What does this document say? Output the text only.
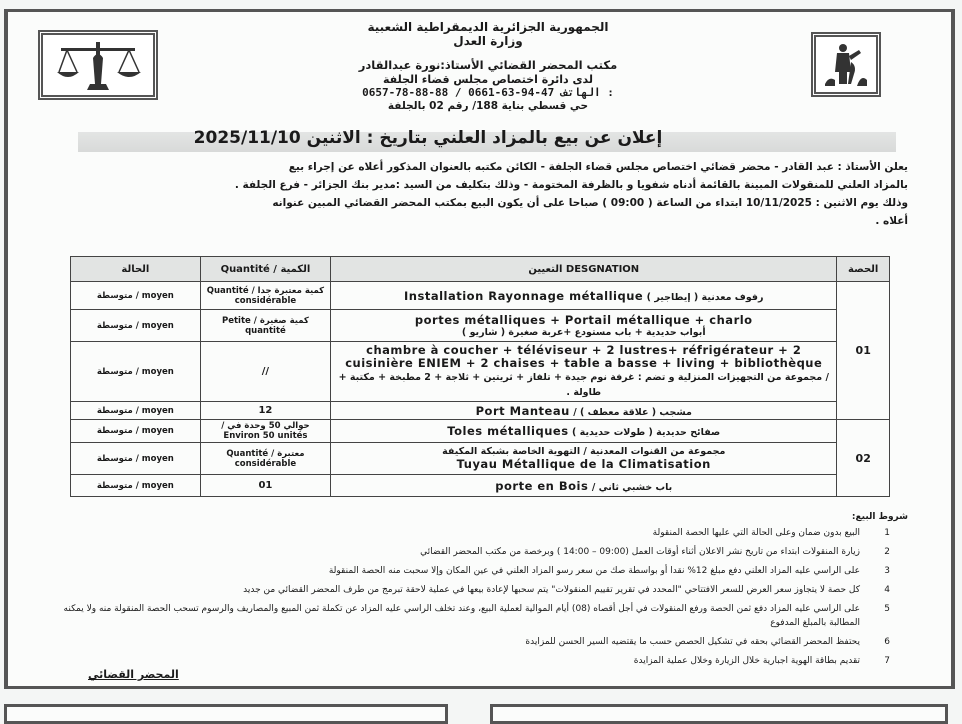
الجمهورية الجزائرية الديمقراطية الشعبية
وزارة العدل
مكتب المحضر القضائي الأستاذ:نورة عبدالقادر
لدى دائرة اختصاص مجلس قضاء الجلفة
0657-78-88-88 / 0661-63-94-47 الهاتف :
حي قسطي بناية 188/ رقم 02 بالجلفة
إعلان عن بيع بالمزاد العلني بتاريخ : الاثنين 2025/11/10
يعلن الأستاذ : عبد القادر - محضر قضائي اختصاص مجلس قضاء الجلفة - الكائن مكتبه بالعنوان المذكور أعلاه عن إجراء بيع
بالمزاد العلني للمنقولات المبينة بالقائمة أدناه شفويا و بالظرفة المختومة - وذلك بتكليف من السيد :مدير بنك الجزائر - فرع الجلفة .
وذلك يوم الاثنين : 10/11/2025 ابتداء من الساعة ( 09:00 ) صباحا على أن يكون البيع بمكتب المحضر القضائي المبين عنوانه
أعلاه .
الحصة	DESGNATION التعيين	الكمية / Quantité	الحالة
01	رفوف معدنية ( إيطاجير ) Installation Rayonnage métallique	كمية معتبرة جدا / Quantité considérable	moyen / متوسطة

	portes métalliques + Portail métallique + charlo
أبواب حديدية + باب مستودع +عربة صغيرة ( شاريو )	كمية صغيرة / Petite quantité	moyen / متوسطة

	chambre à coucher + téléviseur + 2 lustres+ réfrigérateur + 2 cuisinière ENIEM + 2 chaises + table a basse + living + bibliothèque
/ مجموعة من التجهيزات المنزلية و تضم : غرفة نوم جيدة + تلفاز + ثريتين + ثلاجة + 2 مطبخة + مكتبة + طاولة .	//	moyen / متوسطة
	مشجب ( علاقة معطف ) / Port Manteau	12	moyen / متوسطة
02	صفائح حديدية ( طولات حديدية ) Toles métalliques	حوالي 50 وحدة في / Environ 50 unités	moyen / متوسطة

	مجموعة من القنوات المعدنية / التهوية الخاصة بشبكة المكيفة
Tuyau Métallique de la Climatisation	معتبرة / Quantité considérable	moyen / متوسطة
	باب خشبي ثاني / porte en Bois	01	moyen / متوسطة
شروط البيع:
1
البيع بدون ضمان وعلى الحالة التي عليها الحصة المنقولة
2
زيارة المنقولات ابتداء من تاريخ نشر الاعلان أثناء أوقات العمل (09:00 – 14:00 ) وبرخصة من مكتب المحضر القضائي
3
على الراسي عليه المزاد العلني دفع مبلغ 12% نقدا أو بواسطة صك من سعر رسو المزاد العلني في عين المكان وإلا سحبت منه الحصة المنقولة
4
كل حصة لا يتجاوز سعر العرض للسعر الافتتاحي "المحدد في تقرير تقييم المنقولات" يتم سحبها لإعادة بيعها في عملية لاحقة تبرمج من طرف المحضر القضائي من جديد
5
على الراسي عليه المزاد دفع ثمن الحصة ورفع المنقولات في أجل أقصاه (08) أيام الموالية لعملية البيع، وعند تخلف الراسي عليه المزاد عن تكملة ثمن المبيع والمصاريف والرسوم تسحب الحصة المنقولة منه ولا يمكنه المطالبة بالمبلغ المدفوع
6
يحتفظ المحضر القضائي بحقه في تشكيل الحصص حسب ما يقتضيه السير الحسن للمزايدة
7
تقديم بطاقة الهوية اجبارية خلال الزيارة وخلال عملية المزايدة
المحضر القضائي
